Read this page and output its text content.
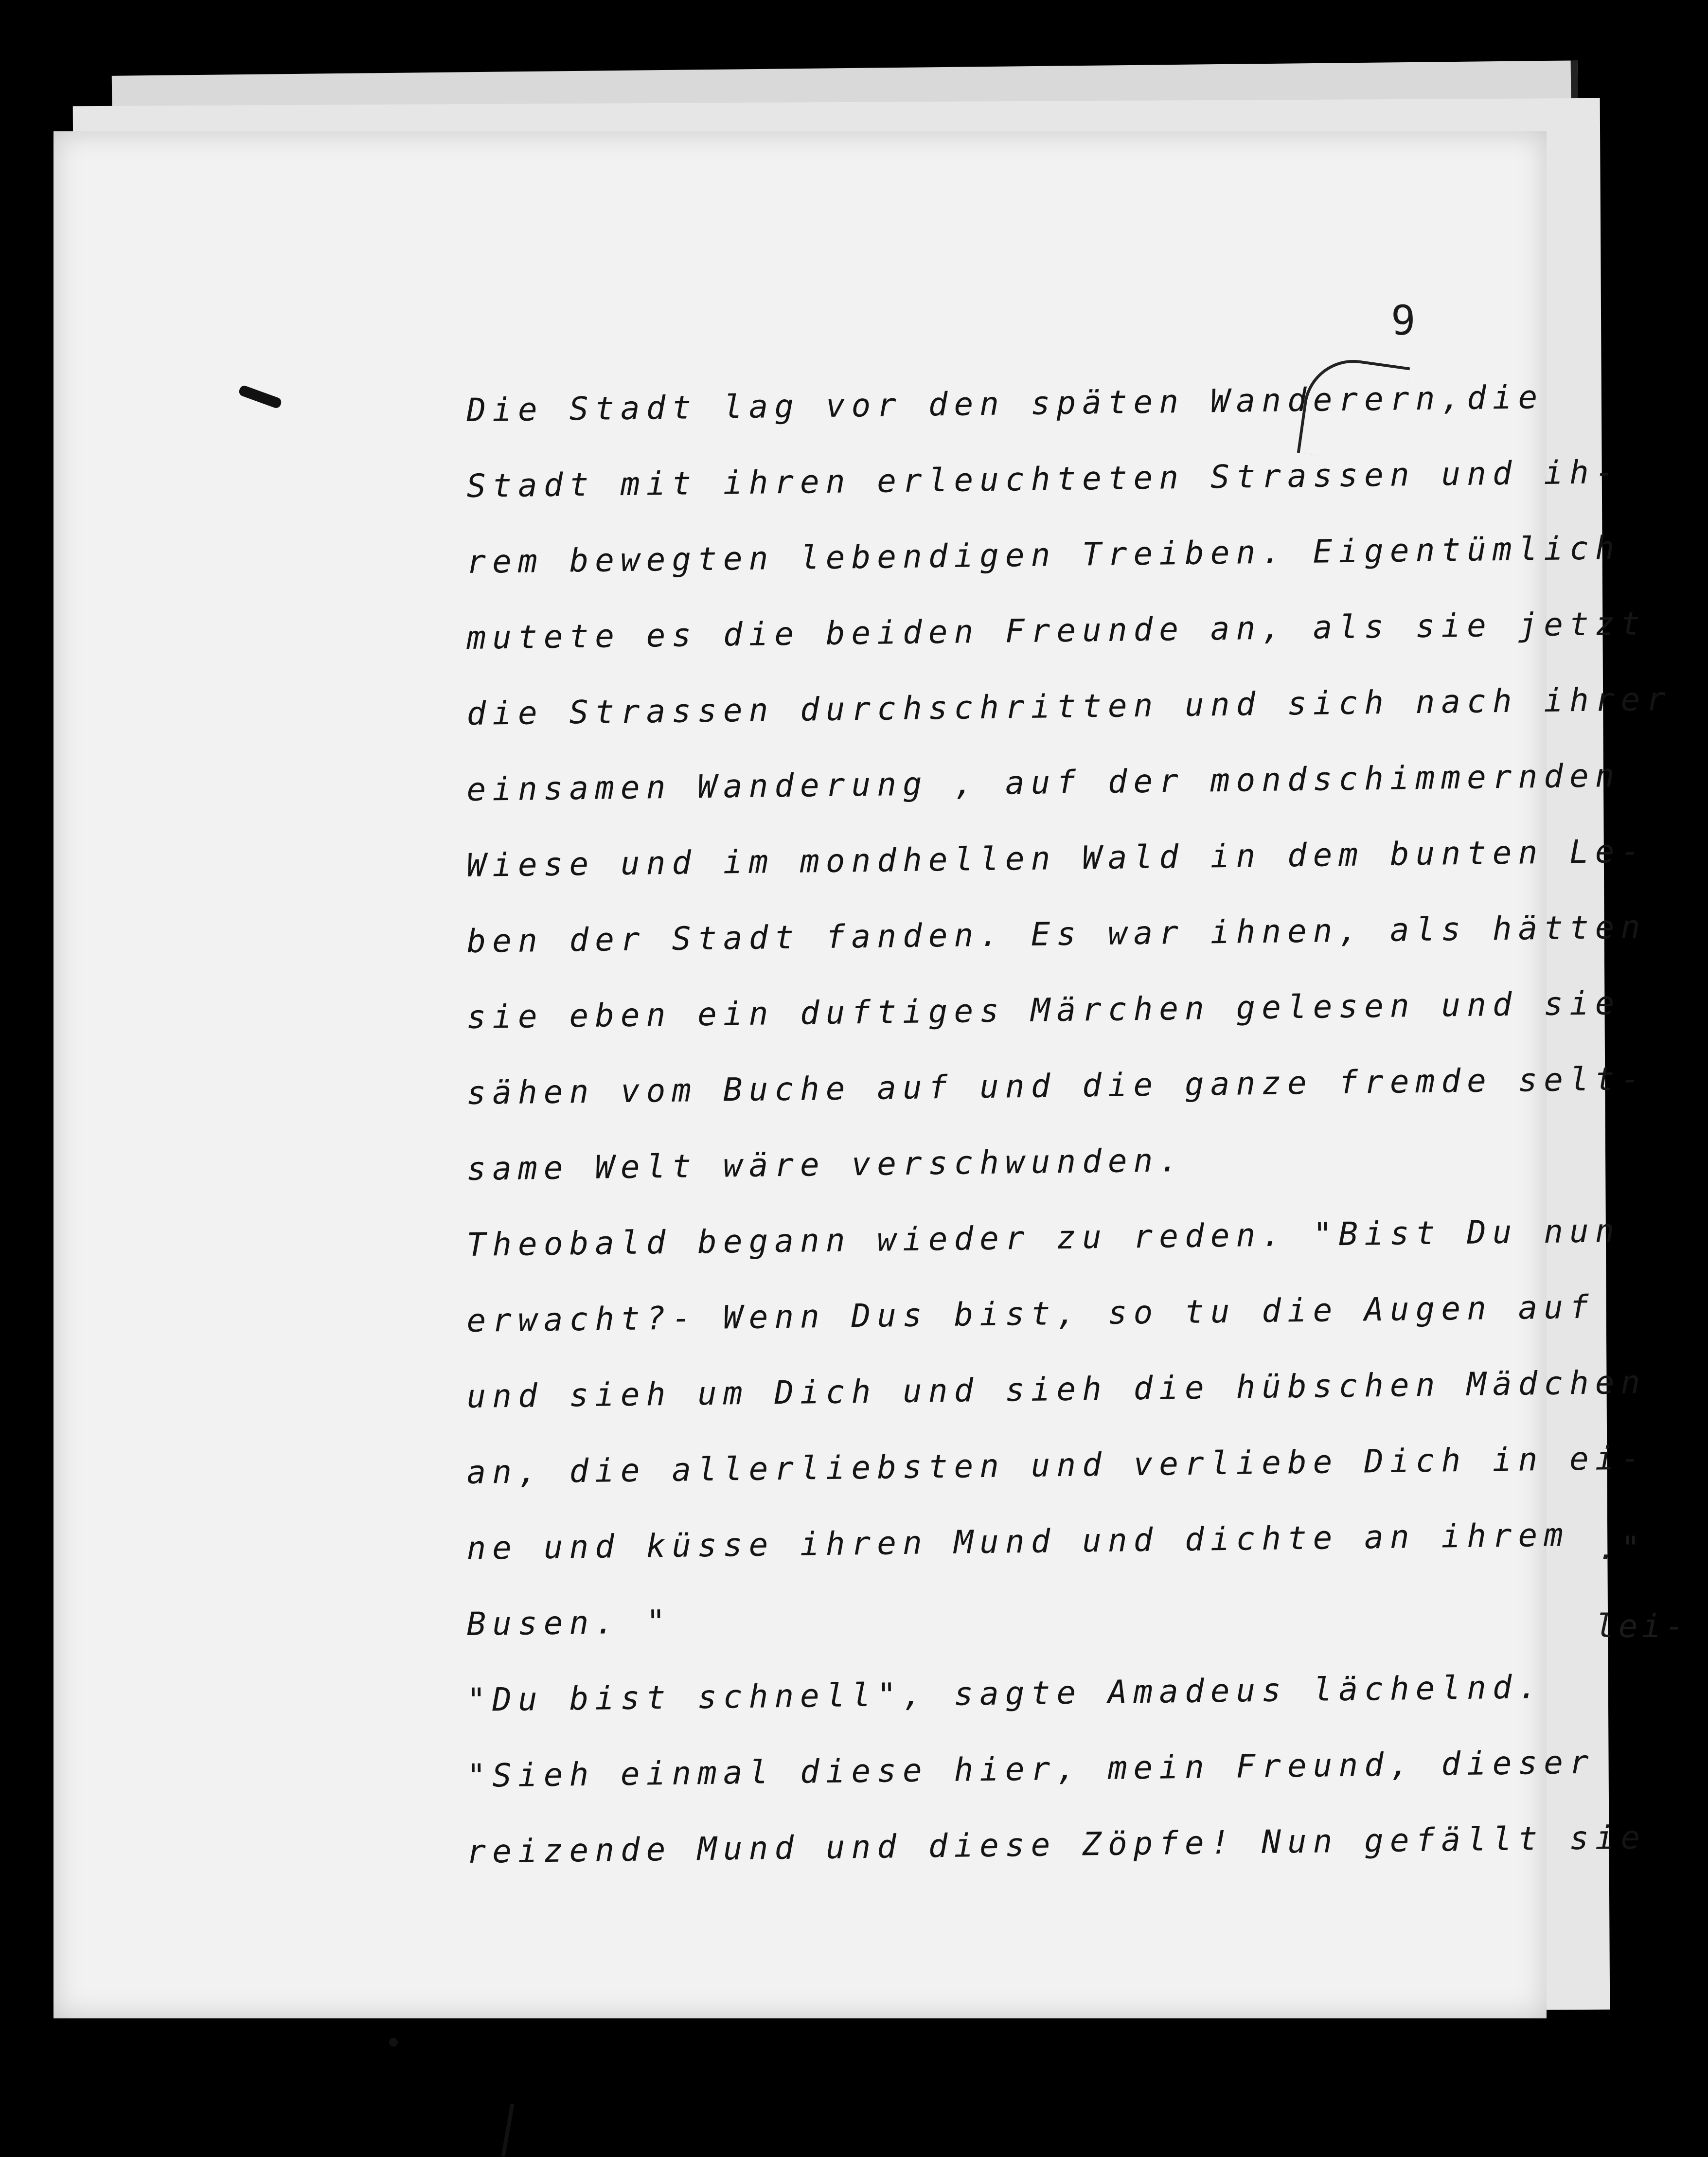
9
Die Stadt lag vor den späten Wanderern,die
Stadt mit ihren erleuchteten Strassen und ih-
rem bewegten lebendigen Treiben. Eigentümlich
mutete es die beiden Freunde an, als sie jetzt
die Strassen durchschritten und sich nach ihrer
einsamen Wanderung , auf der mondschimmernden
Wiese und im mondhellen Wald in dem bunten Le-
ben der Stadt fanden. Es war ihnen, als hätten
sie eben ein duftiges Märchen gelesen und sie
sähen vom Buche auf und die ganze fremde selt-
same Welt wäre verschwunden.
Theobald begann wieder zu reden. "Bist Du nun
erwacht?- Wenn Dus bist, so tu die Augen auf
und sieh um Dich und sieh die hübschen Mädchen
an, die allerliebsten und verliebe Dich in ei-
ne und küsse ihren Mund und dichte an ihrem
Busen. "
"Du bist schnell", sagte Amadeus lächelnd.
"Sieh einmal diese hier, mein Freund, dieser
reizende Mund und diese Zöpfe! Nun gefällt sie
."
lei-
